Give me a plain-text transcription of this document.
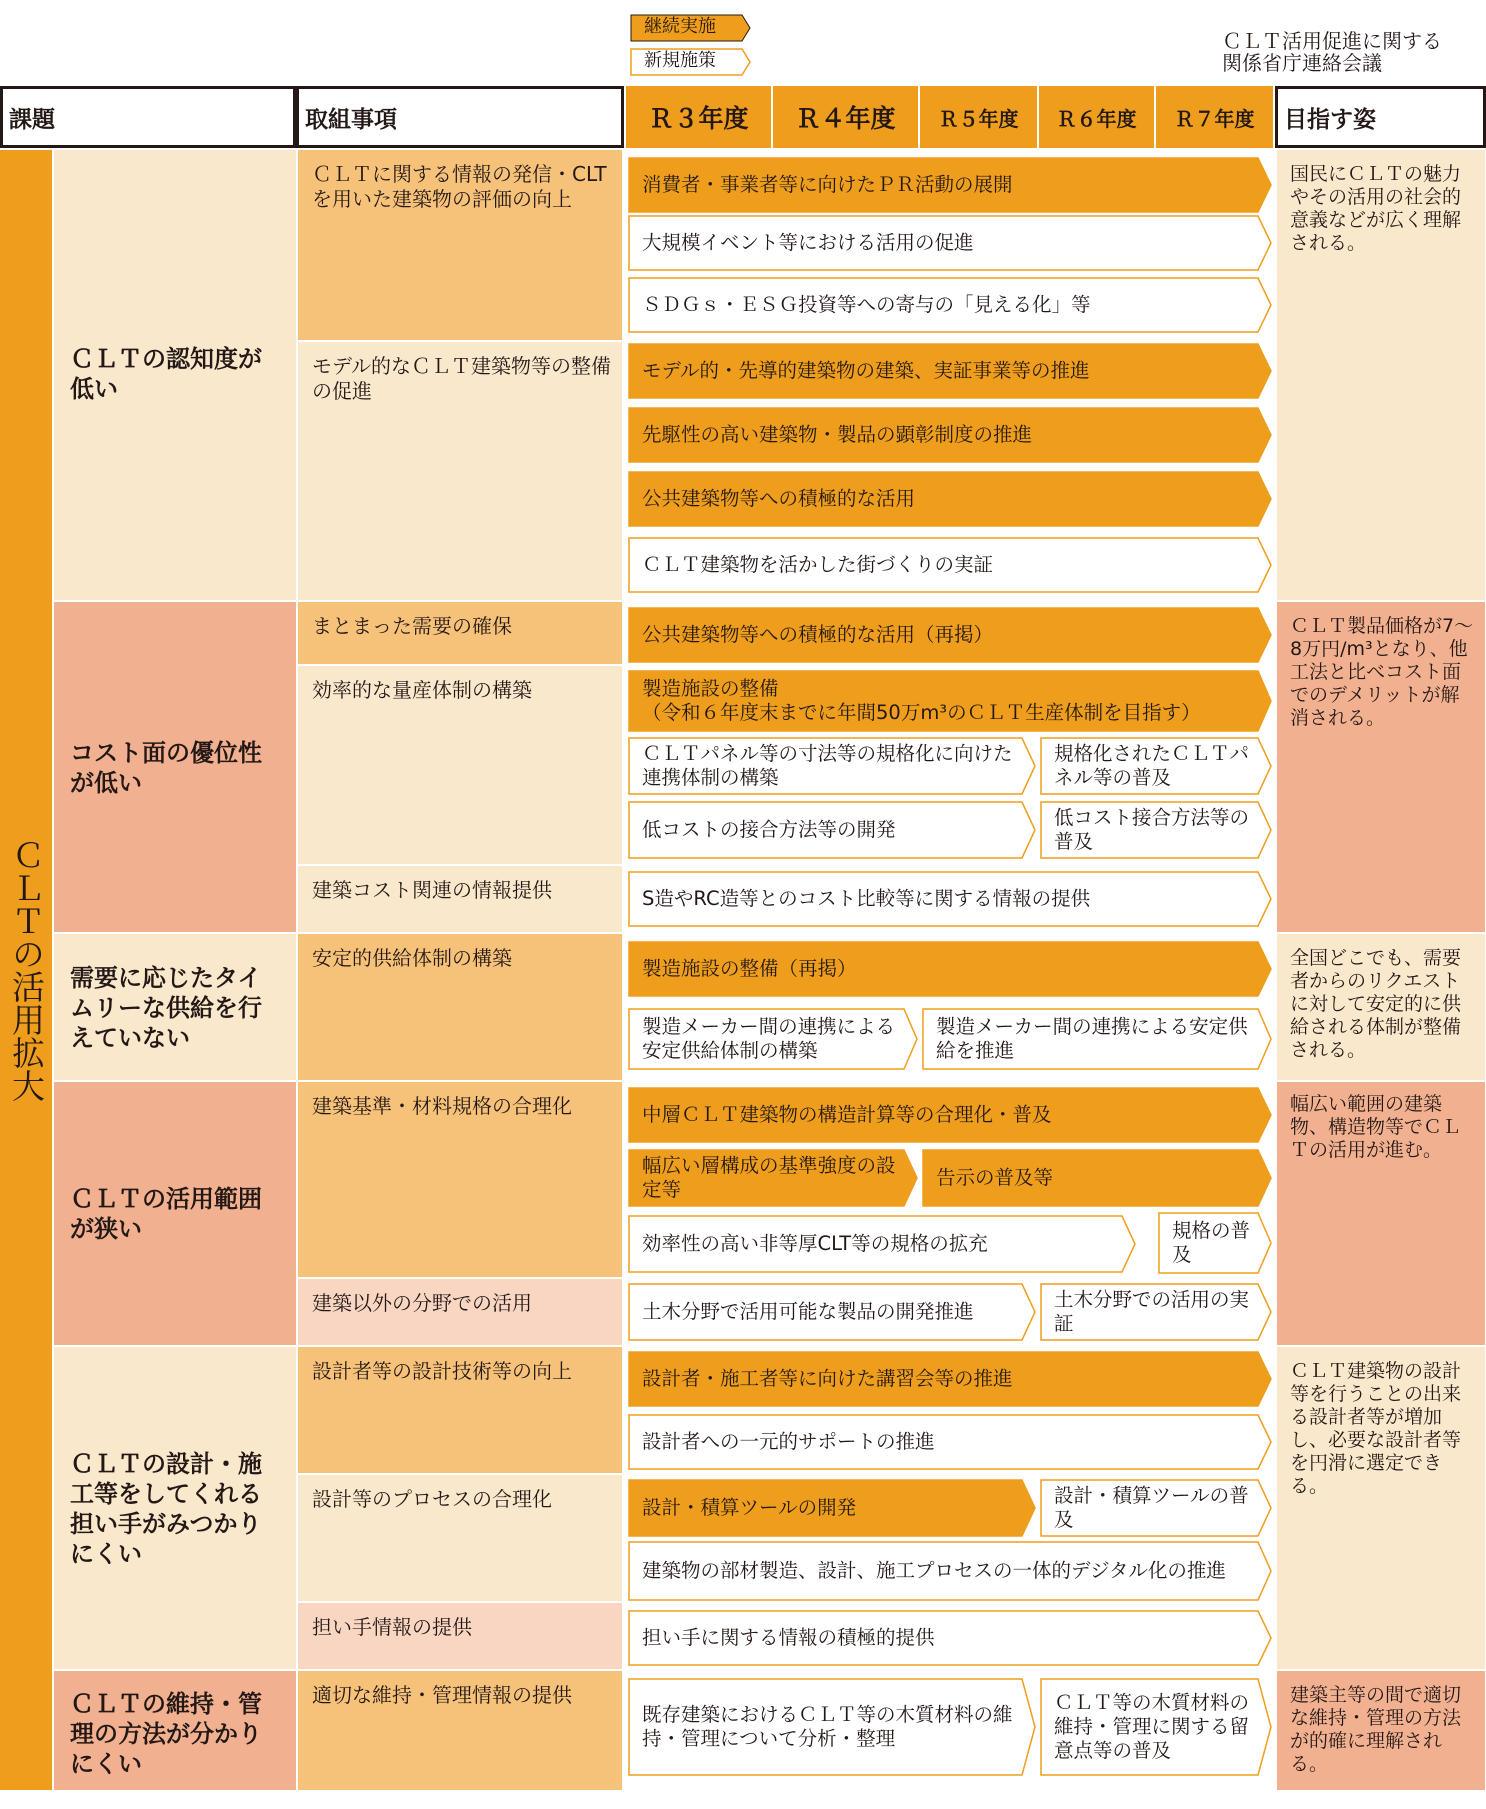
継続実施
新規施策
ＣＬＴ活用促進に関する
関係省庁連絡会議
課題	取組事項	Ｒ３年度 Ｒ４年度 Ｒ５年度 Ｒ６年度 Ｒ７年度 目指す姿
ＣＬＴの活用拡大
ＣＬＴの認知度が低い
コスト面の優位性が低い
需要に応じたタイムリーな供給を行えていない
ＣＬＴの活用範囲が狭い
ＣＬＴの設計・施工等をしてくれる担い手がみつかりにくい
ＣＬＴの維持・管理の方法が分かりにくい
ＣＬＴに関する情報の発信・CLTを用いた建築物の評価の向上
モデル的なＣＬＴ建築物等の整備の促進
まとまった需要の確保
効率的な量産体制の構築
建築コスト関連の情報提供
安定的供給体制の構築
建築基準・材料規格の合理化
建築以外の分野での活用
設計者等の設計技術等の向上
設計等のプロセスの合理化
担い手情報の提供
適切な維持・管理情報の提供
国民にＣＬＴの魅力やその活用の社会的意義などが広く理解される。
ＣＬＴ製品価格が7〜8万円/m³となり、他工法と比べコスト面でのデメリットが解消される。
全国どこでも、需要者からのリクエストに対して安定的に供給される体制が整備される。
幅広い範囲の建築物、構造物等でＣＬＴの活用が進む。
ＣＬＴ建築物の設計等を行うことの出来る設計者等が増加し、必要な設計者等を円滑に選定できる。
建築主等の間で適切な維持・管理の方法が的確に理解される。
消費者・事業者等に向けたＰＲ活動の展開
大規模イベント等における活用の促進
ＳＤＧｓ・ＥＳＧ投資等への寄与の「見える化」等
モデル的・先導的建築物の建築、実証事業等の推進
先駆性の高い建築物・製品の顕彰制度の推進
公共建築物等への積極的な活用
ＣＬＴ建築物を活かした街づくりの実証
公共建築物等への積極的な活用（再掲）
製造施設の整備
（令和６年度末までに年間50万m³のＣＬＴ生産体制を目指す）
ＣＬＴパネル等の寸法等の規格化に向けた連携体制の構築
規格化されたＣＬＴパネル等の普及
低コストの接合方法等の開発
低コスト接合方法等の普及
S造やRC造等とのコスト比較等に関する情報の提供
製造施設の整備（再掲）
製造メーカー間の連携による安定供給体制の構築
製造メーカー間の連携による安定供給を推進
中層ＣＬＴ建築物の構造計算等の合理化・普及
幅広い層構成の基準強度の設定等
告示の普及等
効率性の高い非等厚CLT等の規格の拡充
規格の普及
土木分野で活用可能な製品の開発推進
土木分野での活用の実証
設計者・施工者等に向けた講習会等の推進
設計者への一元的サポートの推進
設計・積算ツールの開発
設計・積算ツールの普及
建築物の部材製造、設計、施工プロセスの一体的デジタル化の推進
担い手に関する情報の積極的提供
既存建築におけるＣＬＴ等の木質材料の維持・管理について分析・整理
ＣＬＴ等の木質材料の維持・管理に関する留意点等の普及
